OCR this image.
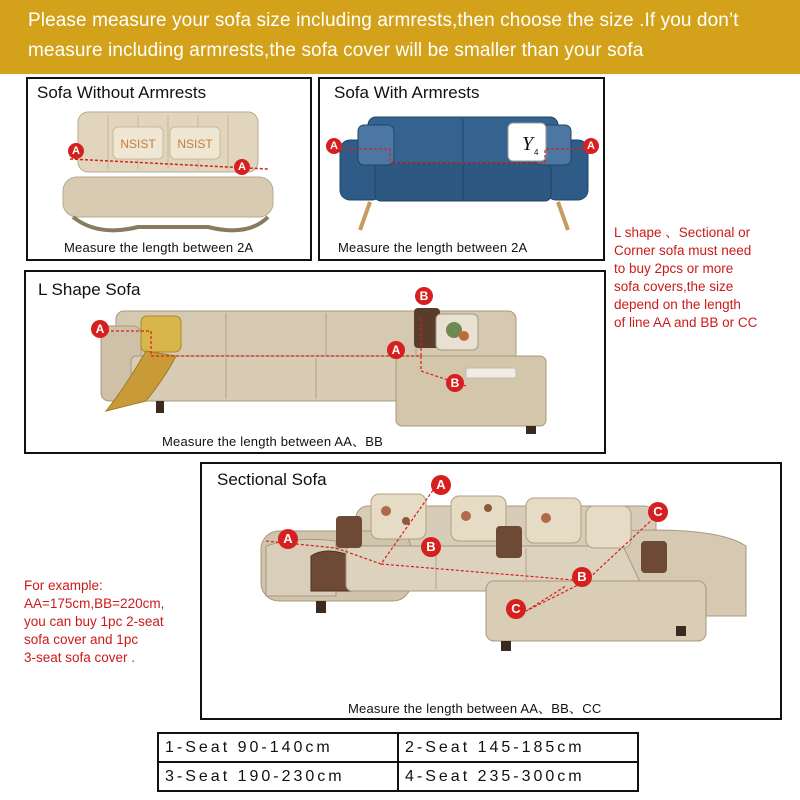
Please measure your sofa size including armrests,then choose the size .If you don’t
measure including armrests,the sofa cover will be smaller than your sofa
Sofa Without Armrests
NSIST NSIST
A
A
Measure the length between 2A
Sofa With Armrests
Y 4
A	A
Measure the length between 2A
L shape 、Sectional or
Corner sofa must need
to buy 2pcs or more
sofa covers,the size
depend on the length
of line AA and BB or CC
L Shape Sofa
A
A
B
B
Measure the length between AA、BB
For example:
AA=175cm,BB=220cm,
you can buy 1pc 2-seat
sofa cover and 1pc
3-seat sofa cover .
Sectional Sofa
A
A
B
B
C
C
Measure the length between AA、BB、CC
1-Seat 90-140cm	2-Seat 145-185cm
3-Seat 190-230cm	4-Seat 235-300cm
